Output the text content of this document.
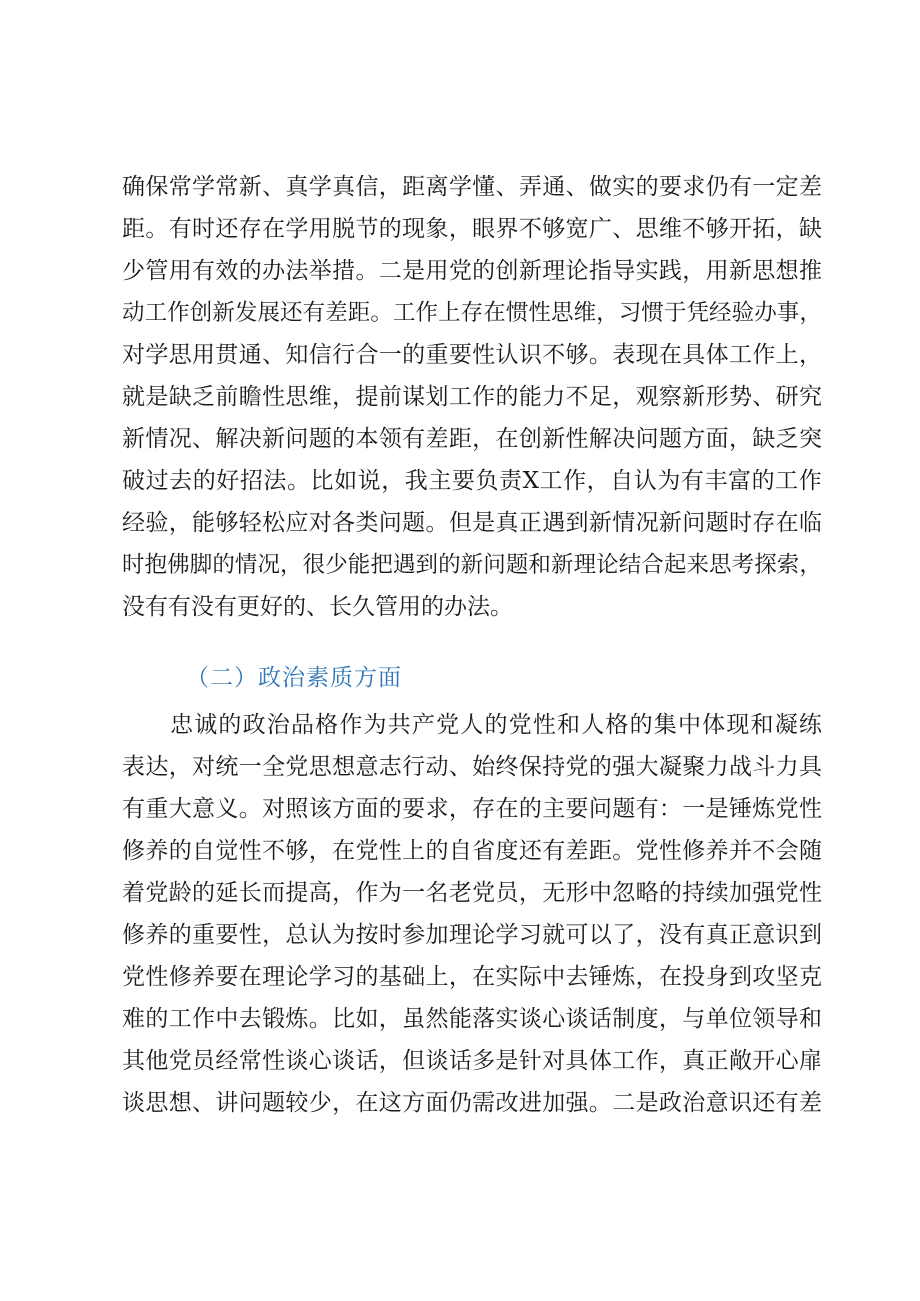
确 保 常 学 常 新 、 真 学 真 信 ， 距 离 学 懂 、 弄 通 、 做 实 的 要 求 仍 有 一 定 差
距 。 有 时 还 存 在 学 用 脱 节 的 现 象 ， 眼 界 不 够 宽 广 、 思 维 不 够 开 拓 ， 缺
少 管 用 有 效 的 办 法 举 措 。 二 是 用 党 的 创 新 理 论 指 导 实 践 ， 用 新 思 想 推
动 工 作 创 新 发 展 还 有 差 距 。 工 作 上 存 在 惯 性 思 维 ， 习 惯 于 凭 经 验 办 事 ，
对 学 思 用 贯 通 、 知 信 行 合 一 的 重 要 性 认 识 不 够 。 表 现 在 具 体 工 作 上 ，
就 是 缺 乏 前 瞻 性 思 维 ， 提 前 谋 划 工 作 的 能 力 不 足 ， 观 察 新 形 势 、 研 究
新 情 况 、 解 决 新 问 题 的 本 领 有 差 距 ， 在 创 新 性 解 决 问 题 方 面 ， 缺 乏 突
破 过 去 的 好 招 法 。 比 如 说 ， 我 主 要 负 责 X 工 作 ， 自 认 为 有 丰 富 的 工 作
经 验 ， 能 够 轻 松 应 对 各 类 问 题 。 但 是 真 正 遇 到 新 情 况 新 问 题 时 存 在 临
时 抱 佛 脚 的 情 况 ， 很 少 能 把 遇 到 的 新 问 题 和 新 理 论 结 合 起 来 思 考 探 索 ，
没 有 有 没 有 更 好 的 、 长 久 管 用 的 办 法 。
（二）政治素质方面
忠 诚 的 政 治 品 格 作 为 共 产 党 人 的 党 性 和 人 格 的 集 中 体 现 和 凝 练
表 达 ， 对 统 一 全 党 思 想 意 志 行 动 、 始 终 保 持 党 的 强 大 凝 聚 力 战 斗 力 具
有 重 大 意 义 。 对 照 该 方 面 的 要 求 ， 存 在 的 主 要 问 题 有 ： 一 是 锤 炼 党 性
修 养 的 自 觉 性 不 够 ， 在 党 性 上 的 自 省 度 还 有 差 距 。 党 性 修 养 并 不 会 随
着 党 龄 的 延 长 而 提 高 ， 作 为 一 名 老 党 员 ， 无 形 中 忽 略 的 持 续 加 强 党 性
修 养 的 重 要 性 ， 总 认 为 按 时 参 加 理 论 学 习 就 可 以 了 ， 没 有 真 正 意 识 到
党 性 修 养 要 在 理 论 学 习 的 基 础 上 ， 在 实 际 中 去 锤 炼 ， 在 投 身 到 攻 坚 克
难 的 工 作 中 去 锻 炼 。 比 如 ， 虽 然 能 落 实 谈 心 谈 话 制 度 ， 与 单 位 领 导 和
其 他 党 员 经 常 性 谈 心 谈 话 ， 但 谈 话 多 是 针 对 具 体 工 作 ， 真 正 敞 开 心 扉
谈 思 想 、 讲 问 题 较 少 ， 在 这 方 面 仍 需 改 进 加 强 。 二 是 政 治 意 识 还 有 差
